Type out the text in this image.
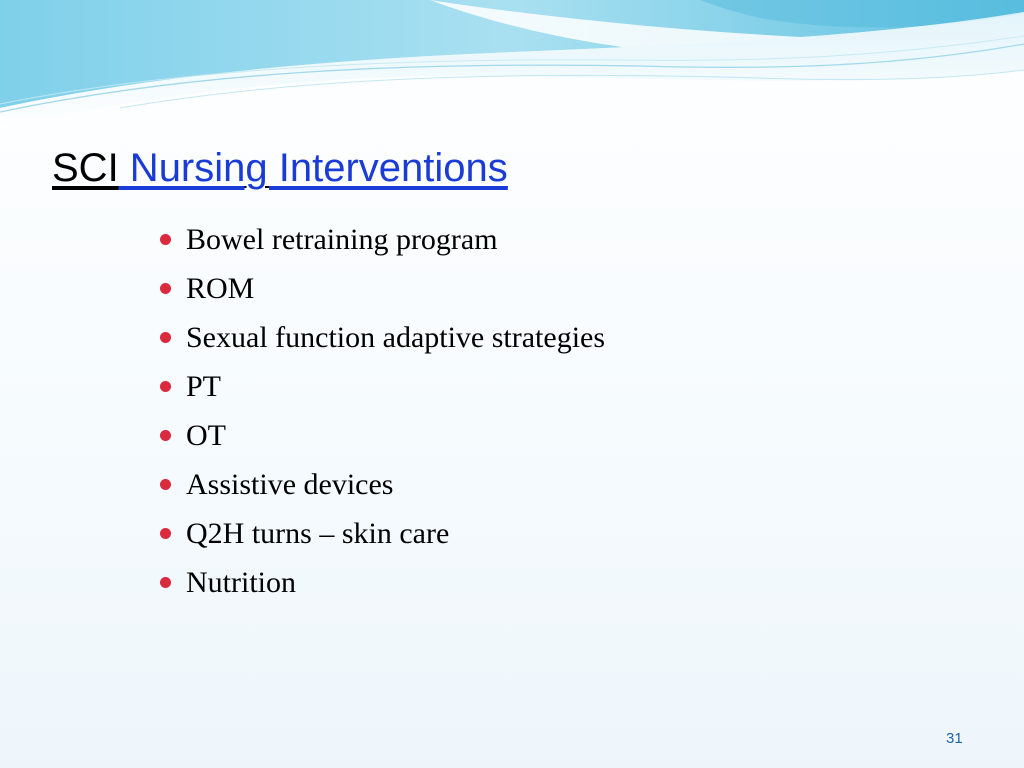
SCI Nursing Interventions
Bowel retraining program
ROM
Sexual function adaptive strategies
PT
OT
Assistive devices
Q2H turns – skin care
Nutrition
31
